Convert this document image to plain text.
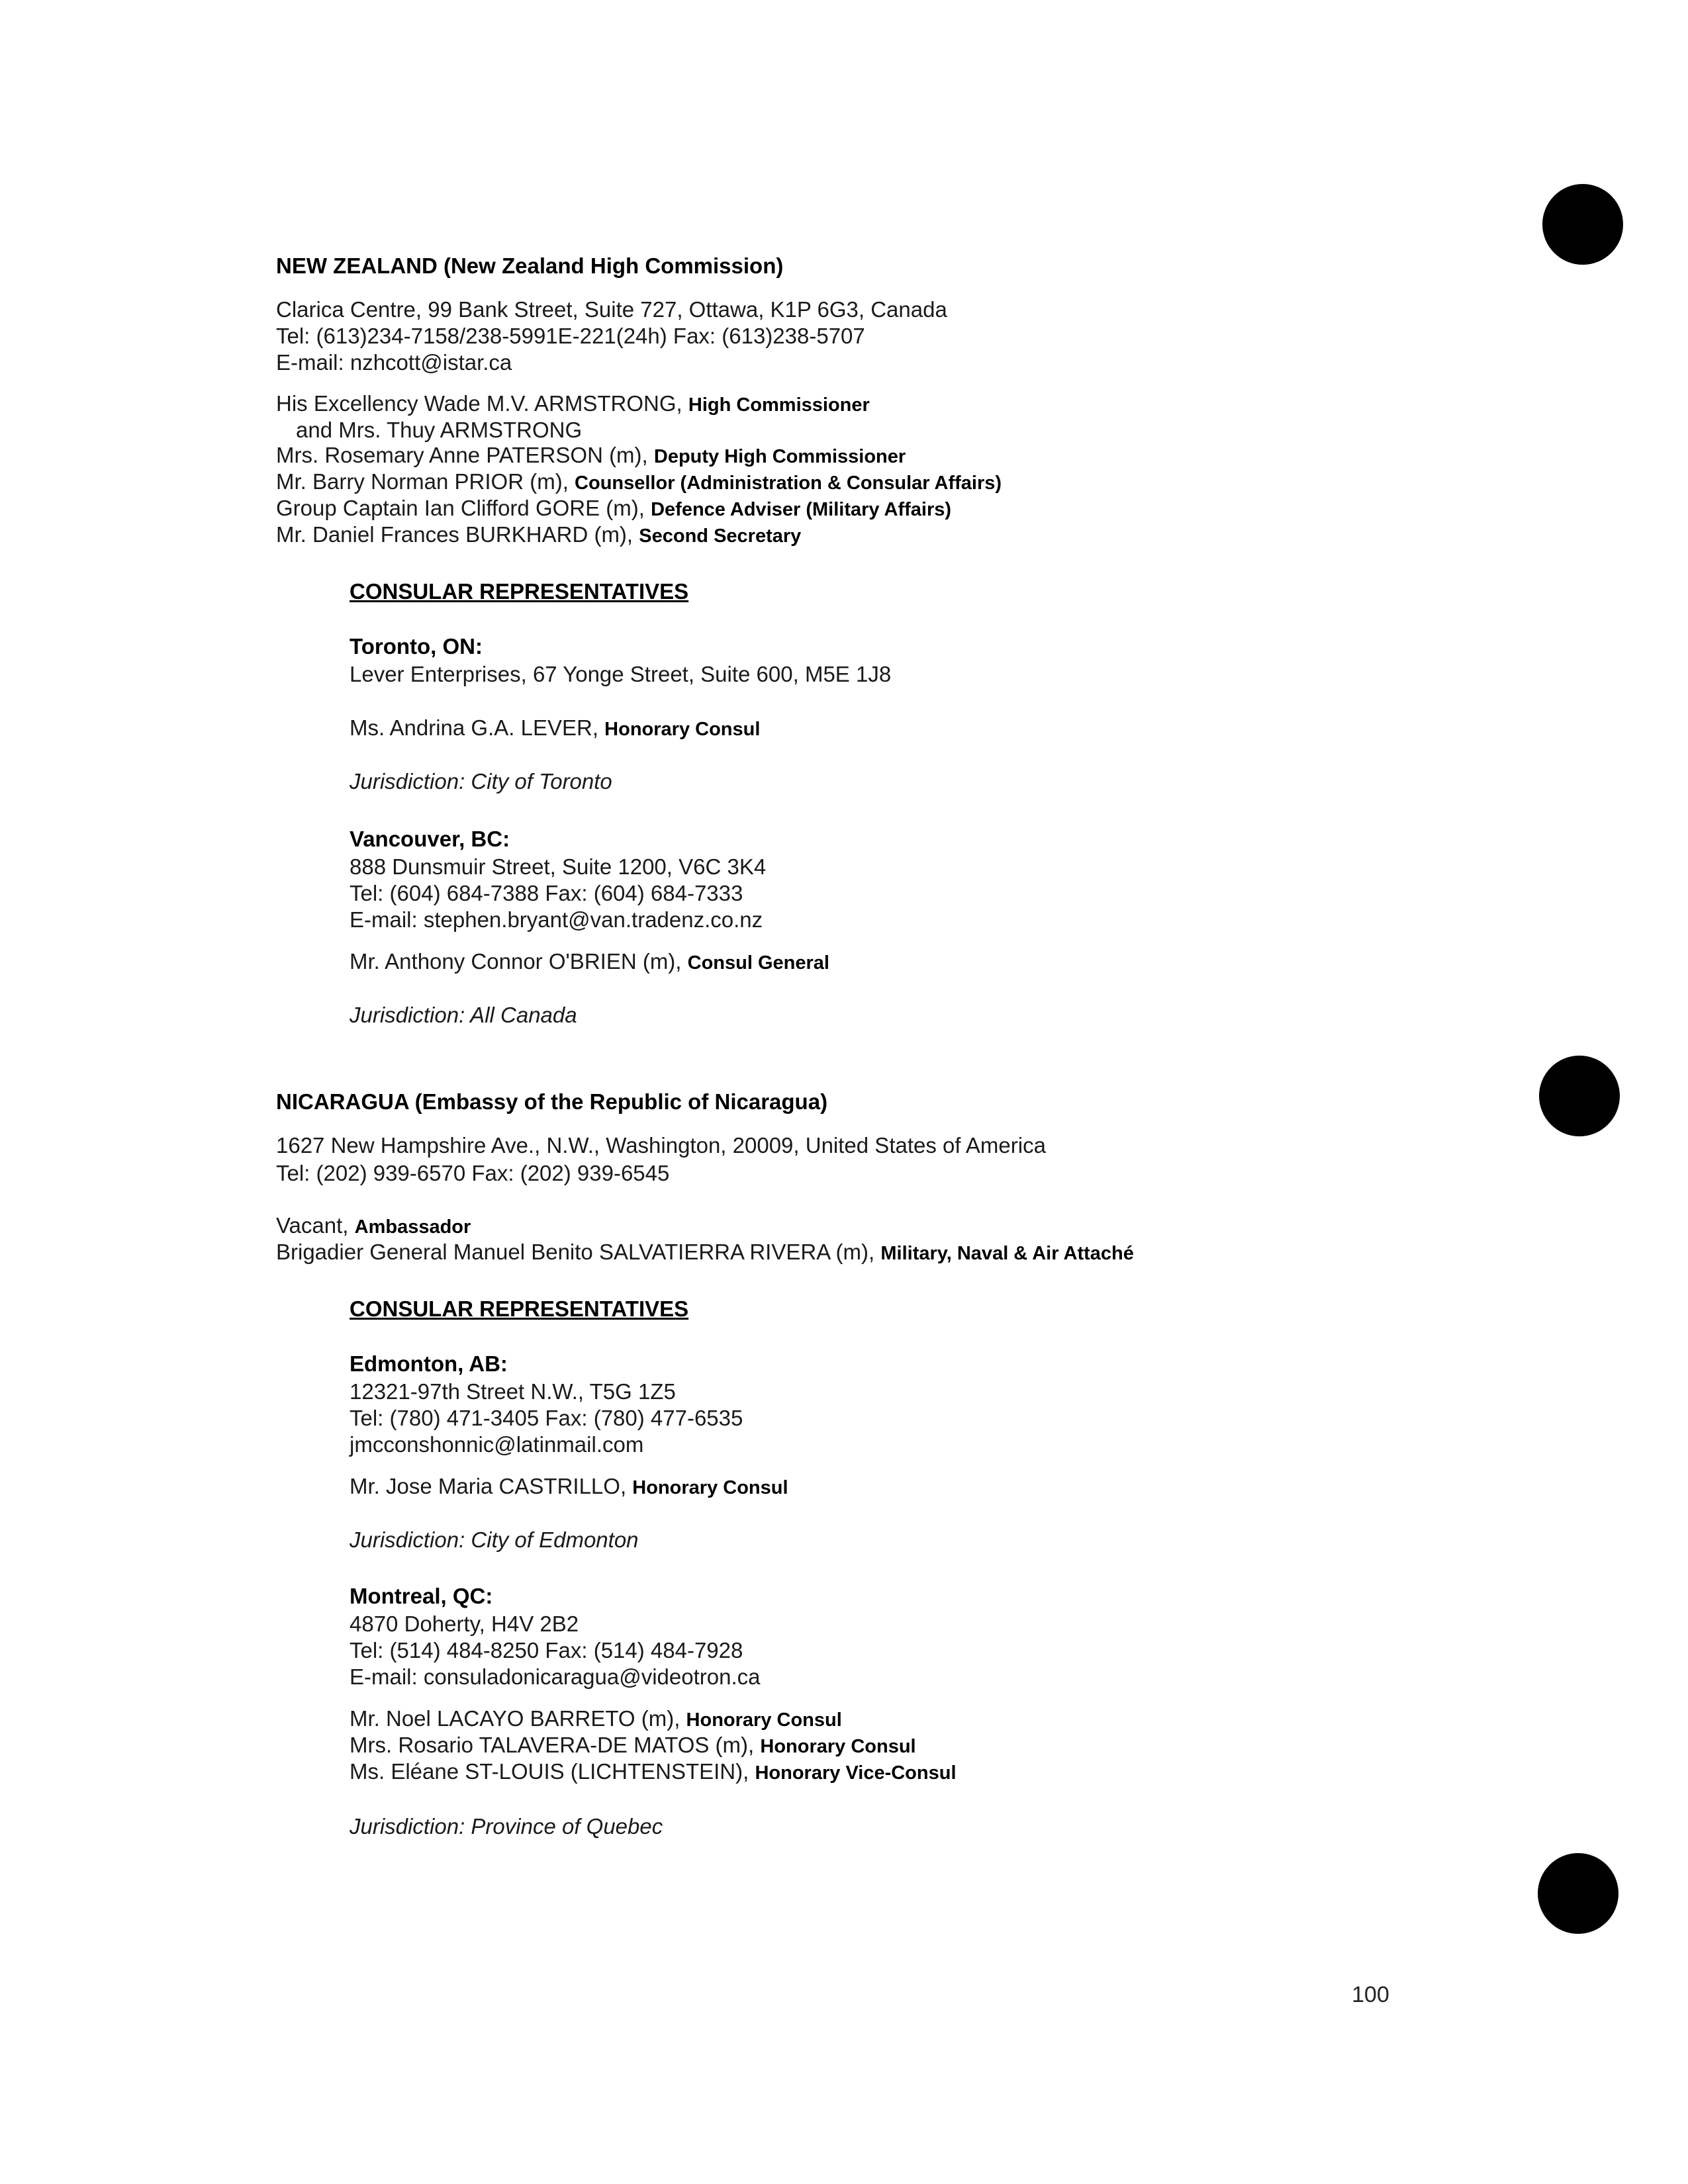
NEW ZEALAND (New Zealand High Commission)
Clarica Centre, 99 Bank Street, Suite 727, Ottawa, K1P 6G3, Canada
Tel: (613)234-7158/238-5991E-221(24h) Fax: (613)238-5707
E-mail: nzhcott@istar.ca
His Excellency Wade M.V. ARMSTRONG, High Commissioner
and Mrs. Thuy ARMSTRONG
Mrs. Rosemary Anne PATERSON (m), Deputy High Commissioner
Mr. Barry Norman PRIOR (m), Counsellor (Administration & Consular Affairs)
Group Captain Ian Clifford GORE (m), Defence Adviser (Military Affairs)
Mr. Daniel Frances BURKHARD (m), Second Secretary
CONSULAR REPRESENTATIVES
Toronto, ON:
Lever Enterprises, 67 Yonge Street, Suite 600, M5E 1J8
Ms. Andrina G.A. LEVER, Honorary Consul
Jurisdiction: City of Toronto
Vancouver, BC:
888 Dunsmuir Street, Suite 1200, V6C 3K4
Tel: (604) 684-7388 Fax: (604) 684-7333
E-mail: stephen.bryant@van.tradenz.co.nz
Mr. Anthony Connor O'BRIEN (m), Consul General
Jurisdiction: All Canada
NICARAGUA (Embassy of the Republic of Nicaragua)
1627 New Hampshire Ave., N.W., Washington, 20009, United States of America
Tel: (202) 939-6570 Fax: (202) 939-6545
Vacant, Ambassador
Brigadier General Manuel Benito SALVATIERRA RIVERA (m), Military, Naval & Air Attaché
CONSULAR REPRESENTATIVES
Edmonton, AB:
12321-97th Street N.W., T5G 1Z5
Tel: (780) 471-3405 Fax: (780) 477-6535
jmcconshonnic@latinmail.com
Mr. Jose Maria CASTRILLO, Honorary Consul
Jurisdiction: City of Edmonton
Montreal, QC:
4870 Doherty, H4V 2B2
Tel: (514) 484-8250 Fax: (514) 484-7928
E-mail: consuladonicaragua@videotron.ca
Mr. Noel LACAYO BARRETO (m), Honorary Consul
Mrs. Rosario TALAVERA-DE MATOS (m), Honorary Consul
Ms. Eléane ST-LOUIS (LICHTENSTEIN), Honorary Vice-Consul
Jurisdiction: Province of Quebec
100
